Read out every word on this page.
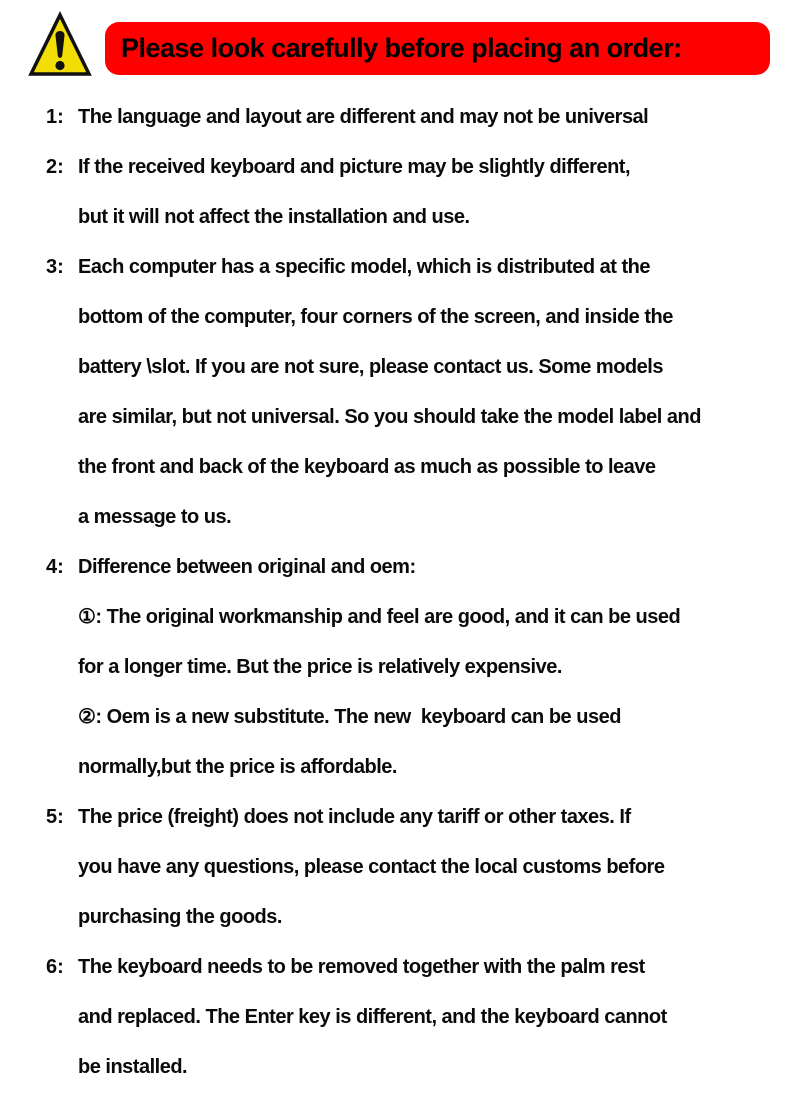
Please look carefully before placing an order:
1: The language and layout are different and may not be universal
2: If the received keyboard and picture may be slightly different,
but it will not affect the installation and use.
3: Each computer has a specific model, which is distributed at the
bottom of the computer, four corners of the screen, and inside the
battery \slot. If you are not sure, please contact us. Some models
are similar, but not universal. So you should take the model label and
the front and back of the keyboard as much as possible to leave
a message to us.
4: Difference between original and oem:
①: The original workmanship and feel are good, and it can be used
for a longer time. But the price is relatively expensive.
②: Oem is a new substitute. The new  keyboard can be used
normally,but the price is affordable.
5: The price (freight) does not include any tariff or other taxes. If
you have any questions, please contact the local customs before
purchasing the goods.
6: The keyboard needs to be removed together with the palm rest
and replaced. The Enter key is different, and the keyboard cannot
be installed.
